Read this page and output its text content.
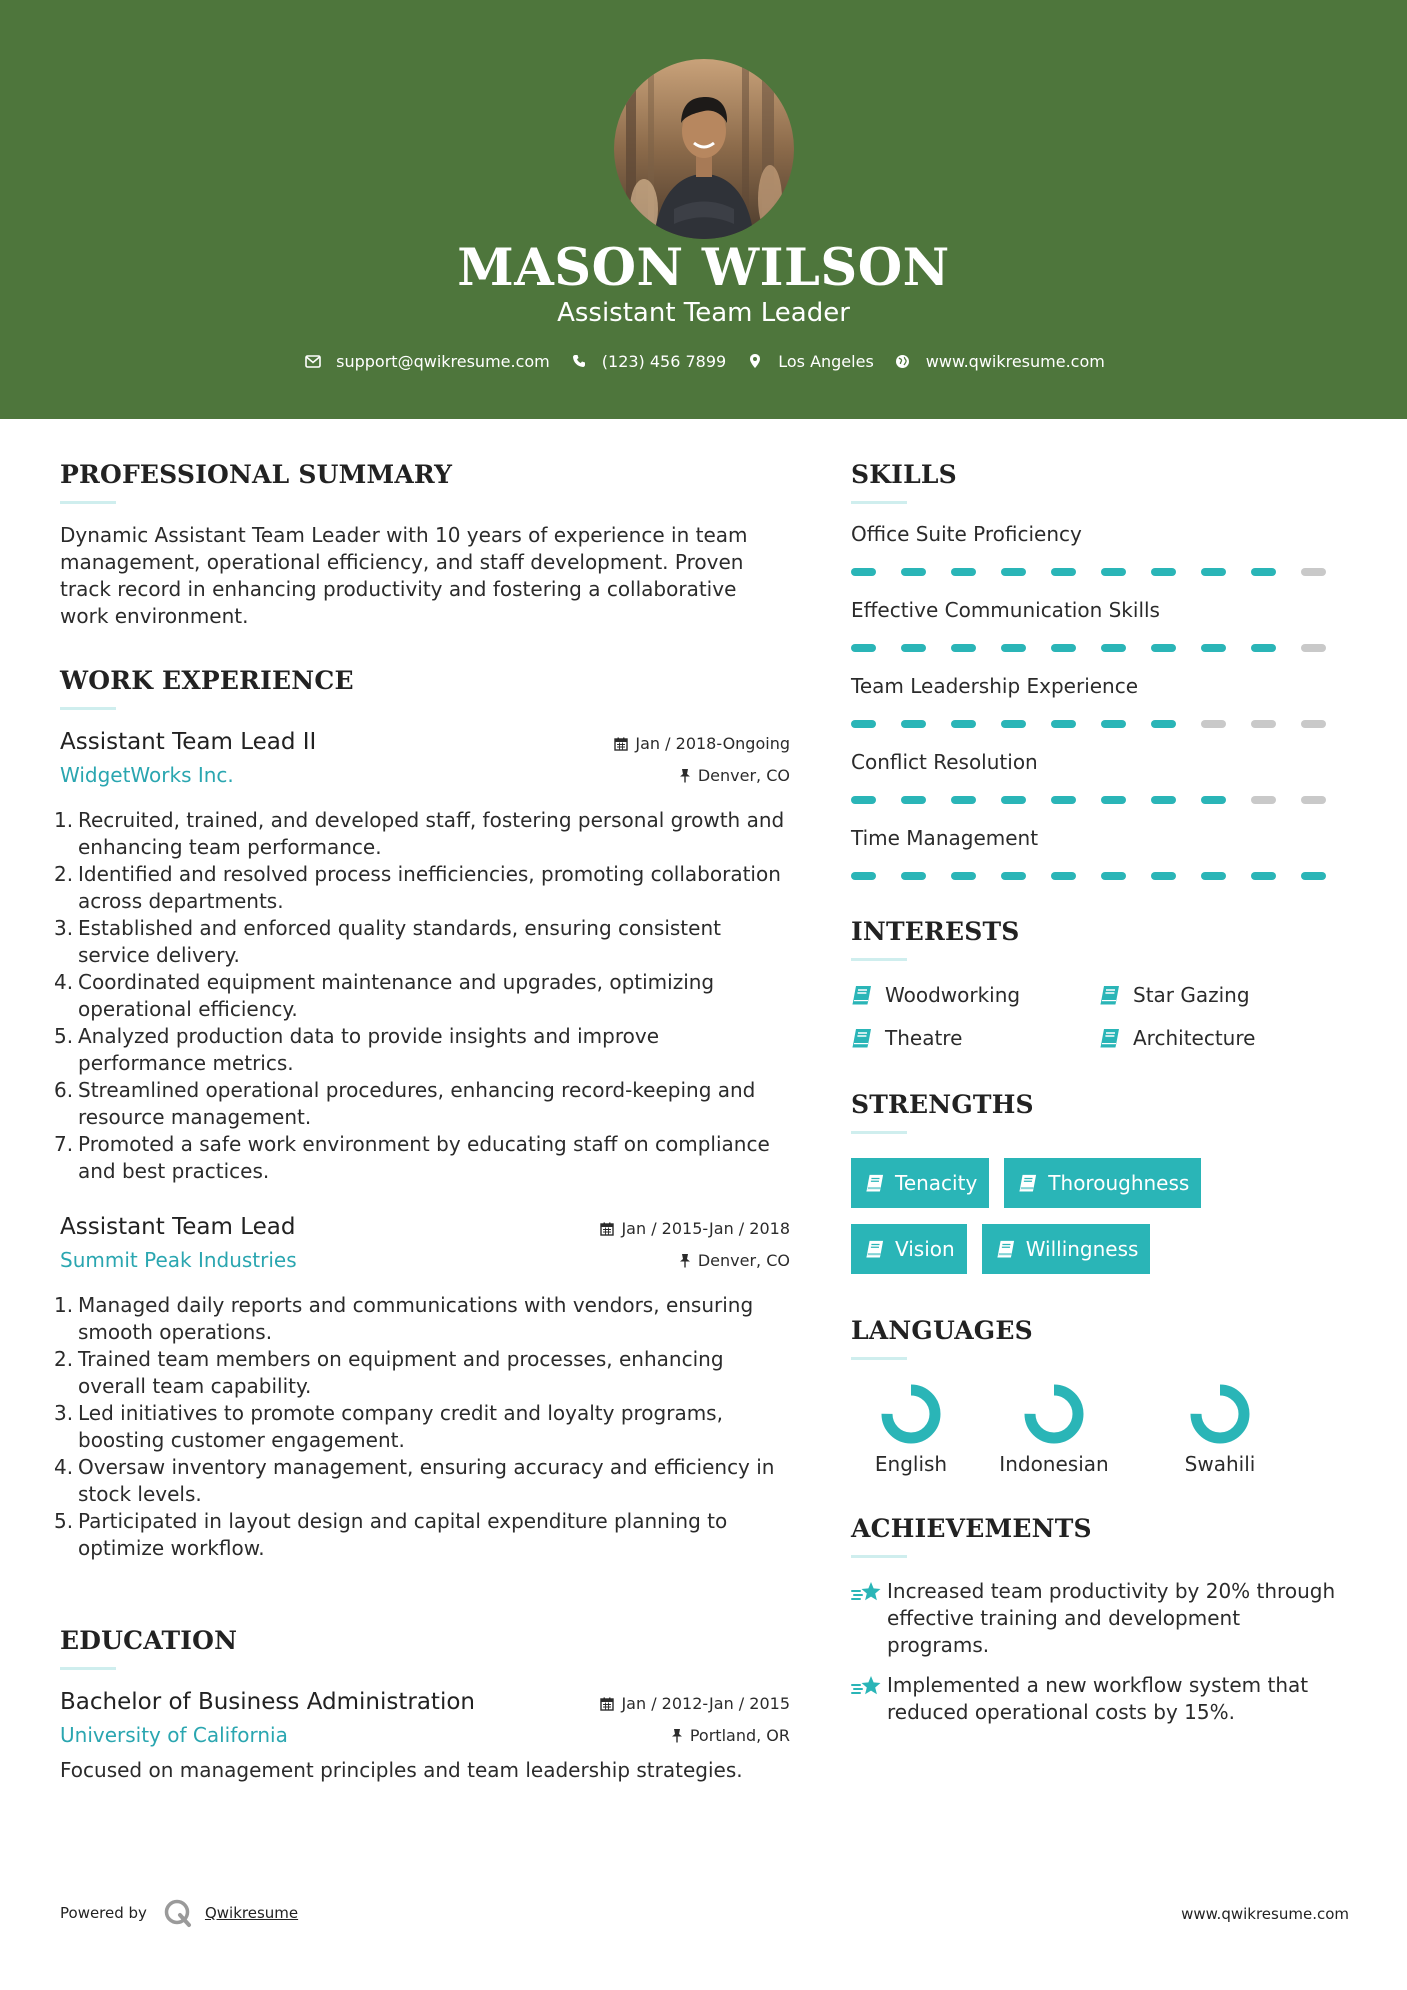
MASON WILSON
Assistant Team Leader
support@qwikresume.com	(123) 456 7899	Los Angeles	www.qwikresume.com
PROFESSIONAL SUMMARY
Dynamic Assistant Team Leader with 10 years of experience in team management, operational efficiency, and staff development. Proven track record in enhancing productivity and fostering a collaborative work environment.
WORK EXPERIENCE
Assistant Team Lead II
WidgetWorks Inc.
Jan / 2018-Ongoing
Denver, CO
1. Recruited, trained, and developed staff, fostering personal growth and enhancing team performance.
2. Identified and resolved process inefficiencies, promoting collaboration across departments.
3. Established and enforced quality standards, ensuring consistent service delivery.
4. Coordinated equipment maintenance and upgrades, optimizing operational efficiency.
5. Analyzed production data to provide insights and improve performance metrics.
6. Streamlined operational procedures, enhancing record-keeping and resource management.
7. Promoted a safe work environment by educating staff on compliance and best practices.
Assistant Team Lead
Summit Peak Industries
Jan / 2015-Jan / 2018
Denver, CO
1. Managed daily reports and communications with vendors, ensuring smooth operations.
2. Trained team members on equipment and processes, enhancing overall team capability.
3. Led initiatives to promote company credit and loyalty programs, boosting customer engagement.
4. Oversaw inventory management, ensuring accuracy and efficiency in stock levels.
5. Participated in layout design and capital expenditure planning to optimize workflow.
EDUCATION
Bachelor of Business Administration
University of California
Jan / 2012-Jan / 2015
Portland, OR
Focused on management principles and team leadership strategies.
SKILLS
Office Suite Proficiency
Effective Communication Skills
Team Leadership Experience
Conflict Resolution
Time Management
INTERESTS
Woodworking	Star Gazing
Theatre	Architecture
STRENGTHS
Tenacity	Thoroughness
Vision	Willingness
LANGUAGES
English	Indonesian	Swahili
ACHIEVEMENTS
Increased team productivity by 20% through effective training and development programs.
Implemented a new workflow system that reduced operational costs by 15%.
Powered by	Qwikresume	www.qwikresume.com
